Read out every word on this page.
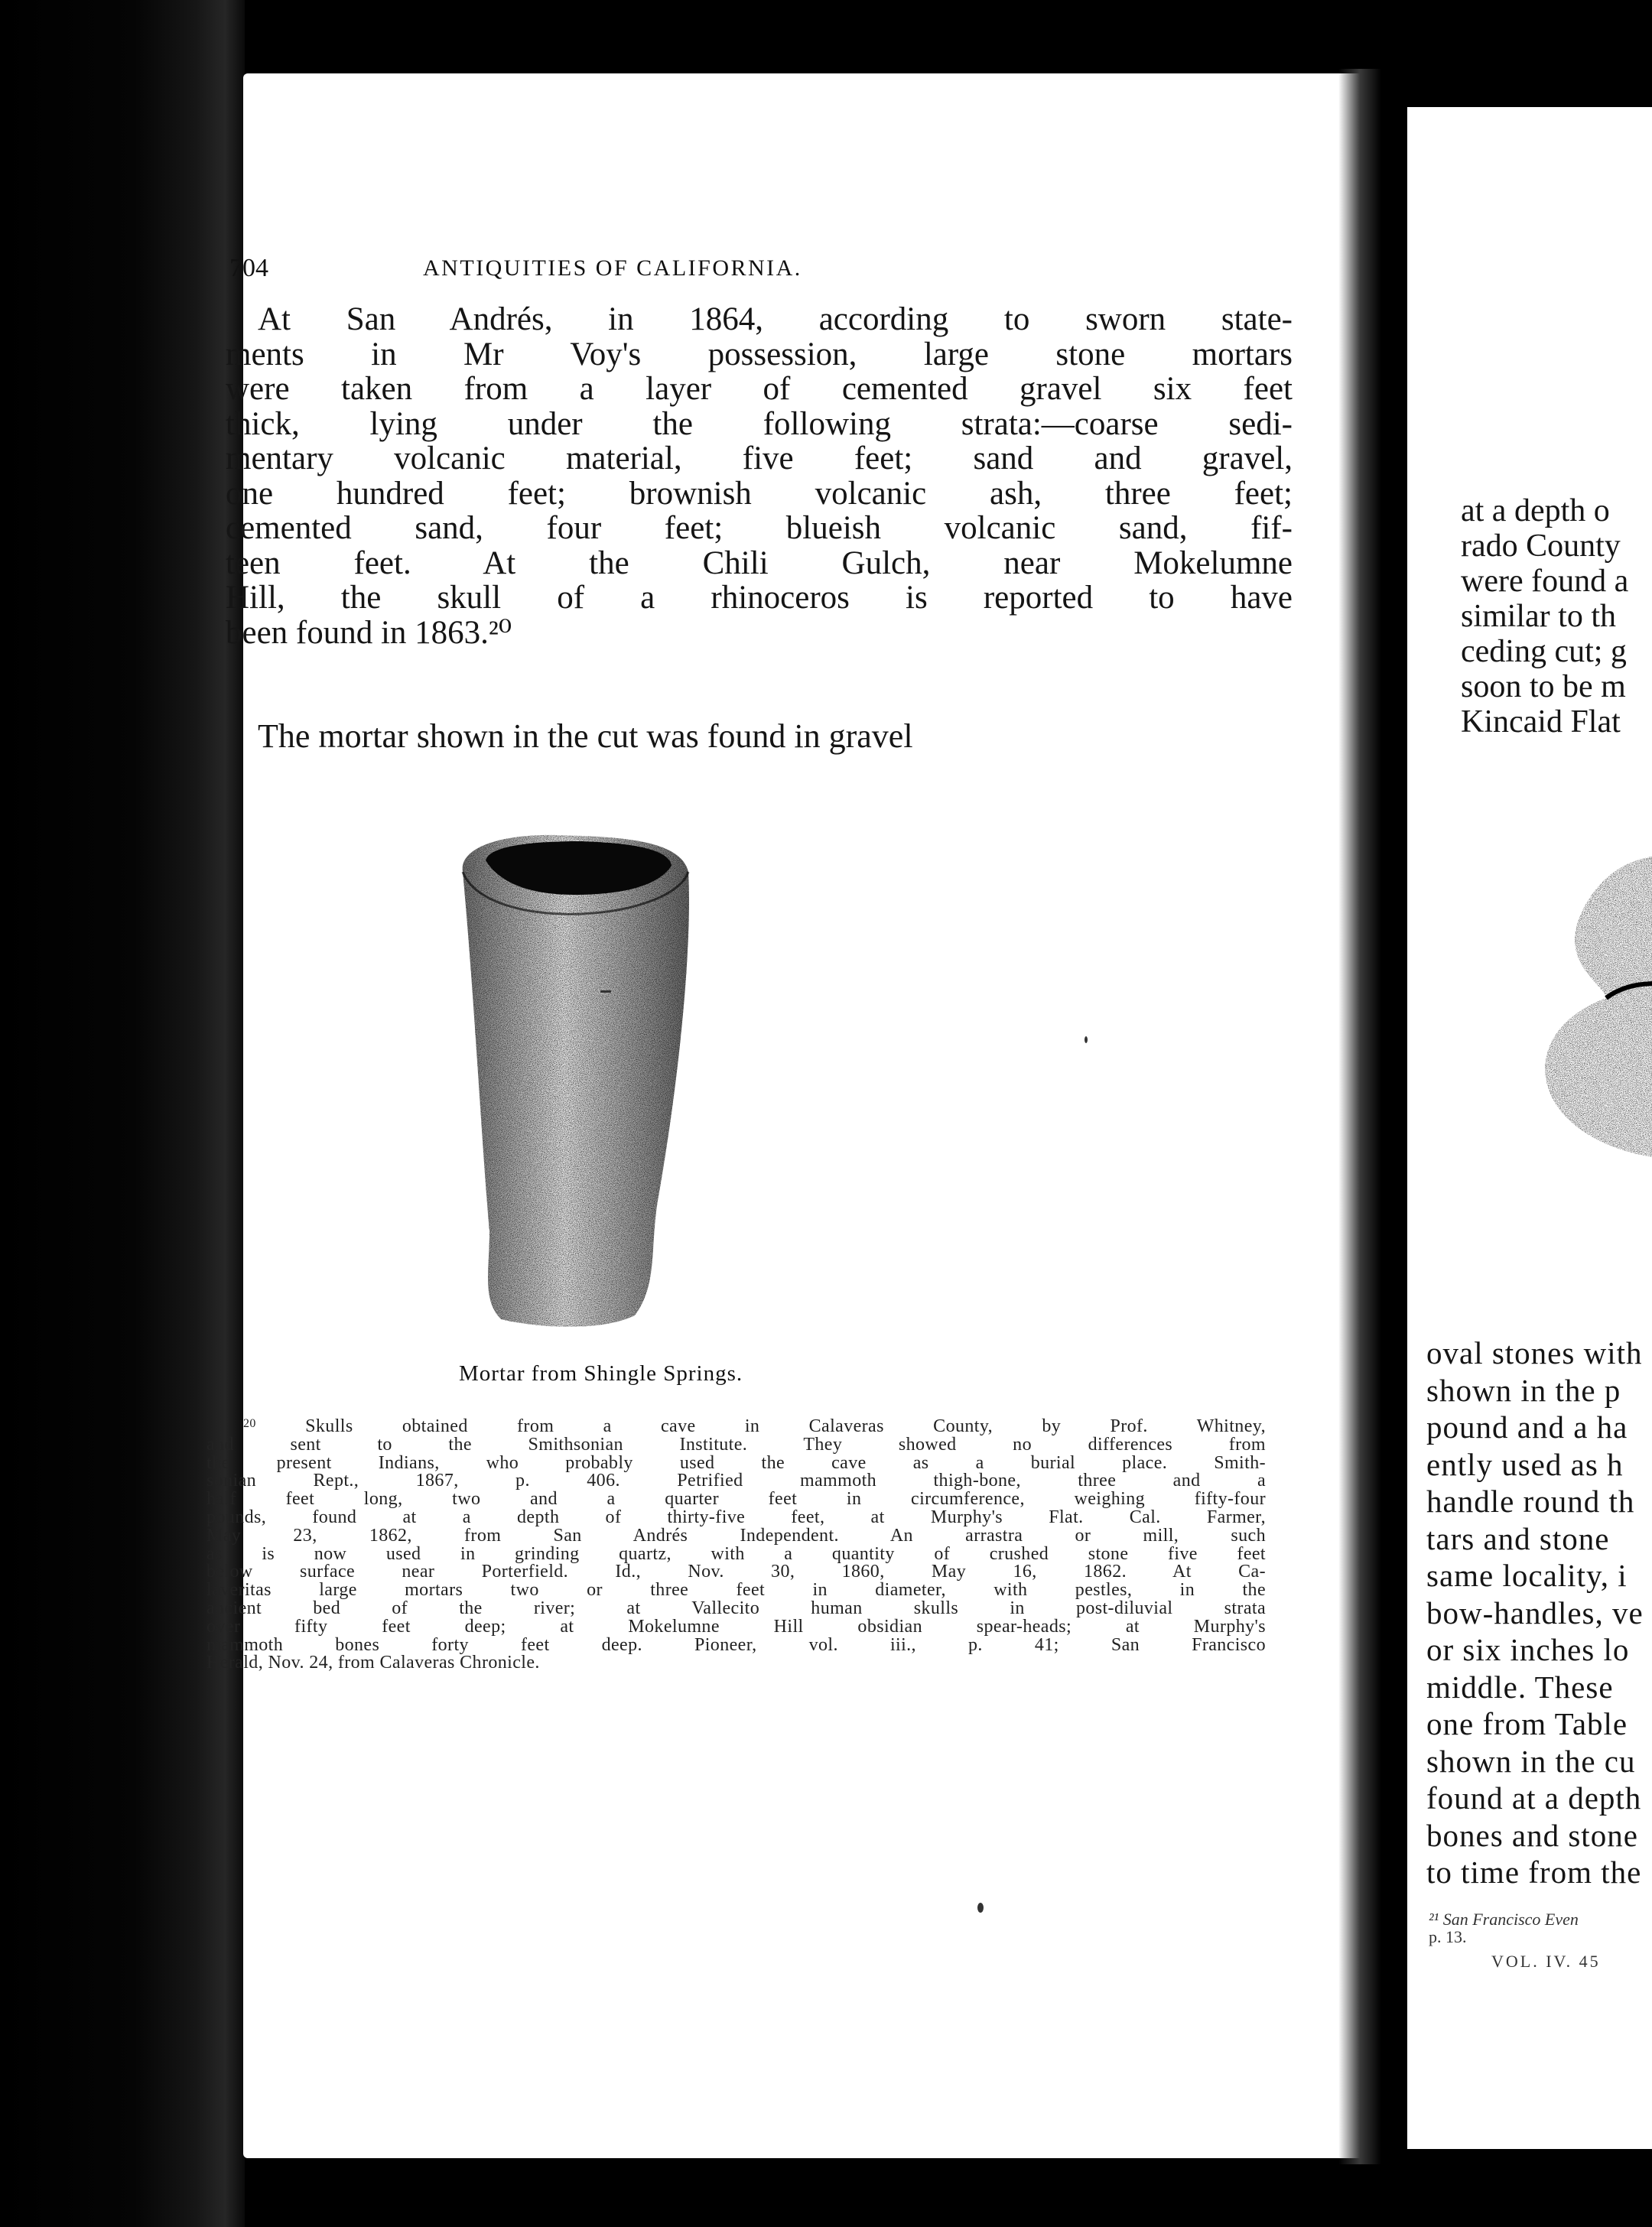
at a depth o
rado County
were found a
similar to th
ceding cut; g
soon to be m
Kincaid Flat
oval stones with
shown in the p
pound and a ha
ently used as h
handle round th
tars and stone
same locality, i
bow-handles, ve
or six inches lo
middle. These
one from Table
shown in the cu
found at a depth
bones and stone
to time from the
²¹ San Francisco Even
p. 13.
VOL. IV. 45
704	ANTIQUITIES OF CALIFORNIA.
At San Andrés, in 1864, according to sworn state-
ments in Mr Voy's possession, large stone mortars
were taken from a layer of cemented gravel six feet
thick, lying under the following strata:—coarse sedi-
mentary volcanic material, five feet; sand and gravel,
one hundred feet; brownish volcanic ash, three feet;
cemented sand, four feet; blueish volcanic sand, fif-
teen feet. At the Chili Gulch, near Mokelumne
Hill, the skull of a rhinoceros is reported to have
been found in 1863.²⁰
The mortar shown in the cut was found in gravel
Mortar from Shingle Springs.
$^{20}$	Skulls obtained from a cave in Calaveras County, by Prof. Whitney,
and sent to the Smithsonian Institute. They showed no differences from
the present Indians, who probably used the cave as a burial place. Smith-
sonian Rept., 1867, p. 406. Petrified mammoth thigh-bone, three and a
half feet long, two and a quarter feet in circumference, weighing fifty-four
pounds, found at a depth of thirty-five feet, at Murphy's Flat. Cal. Farmer,
May 23, 1862, from San Andrés Independent. An arrastra or mill, such
as is now used in grinding quartz, with a quantity of crushed stone five feet
below surface near Porterfield. Id., Nov. 30, 1860, May 16, 1862. At Ca-
laveritas large mortars two or three feet in diameter, with pestles, in the
ancient bed of the river; at Vallecito human skulls in post-diluvial strata
over fifty feet deep; at Mokelumne Hill obsidian spear-heads; at Murphy's
mammoth bones forty feet deep. Pioneer, vol. iii., p. 41; San Francisco
Herald, Nov. 24, from Calaveras Chronicle.
